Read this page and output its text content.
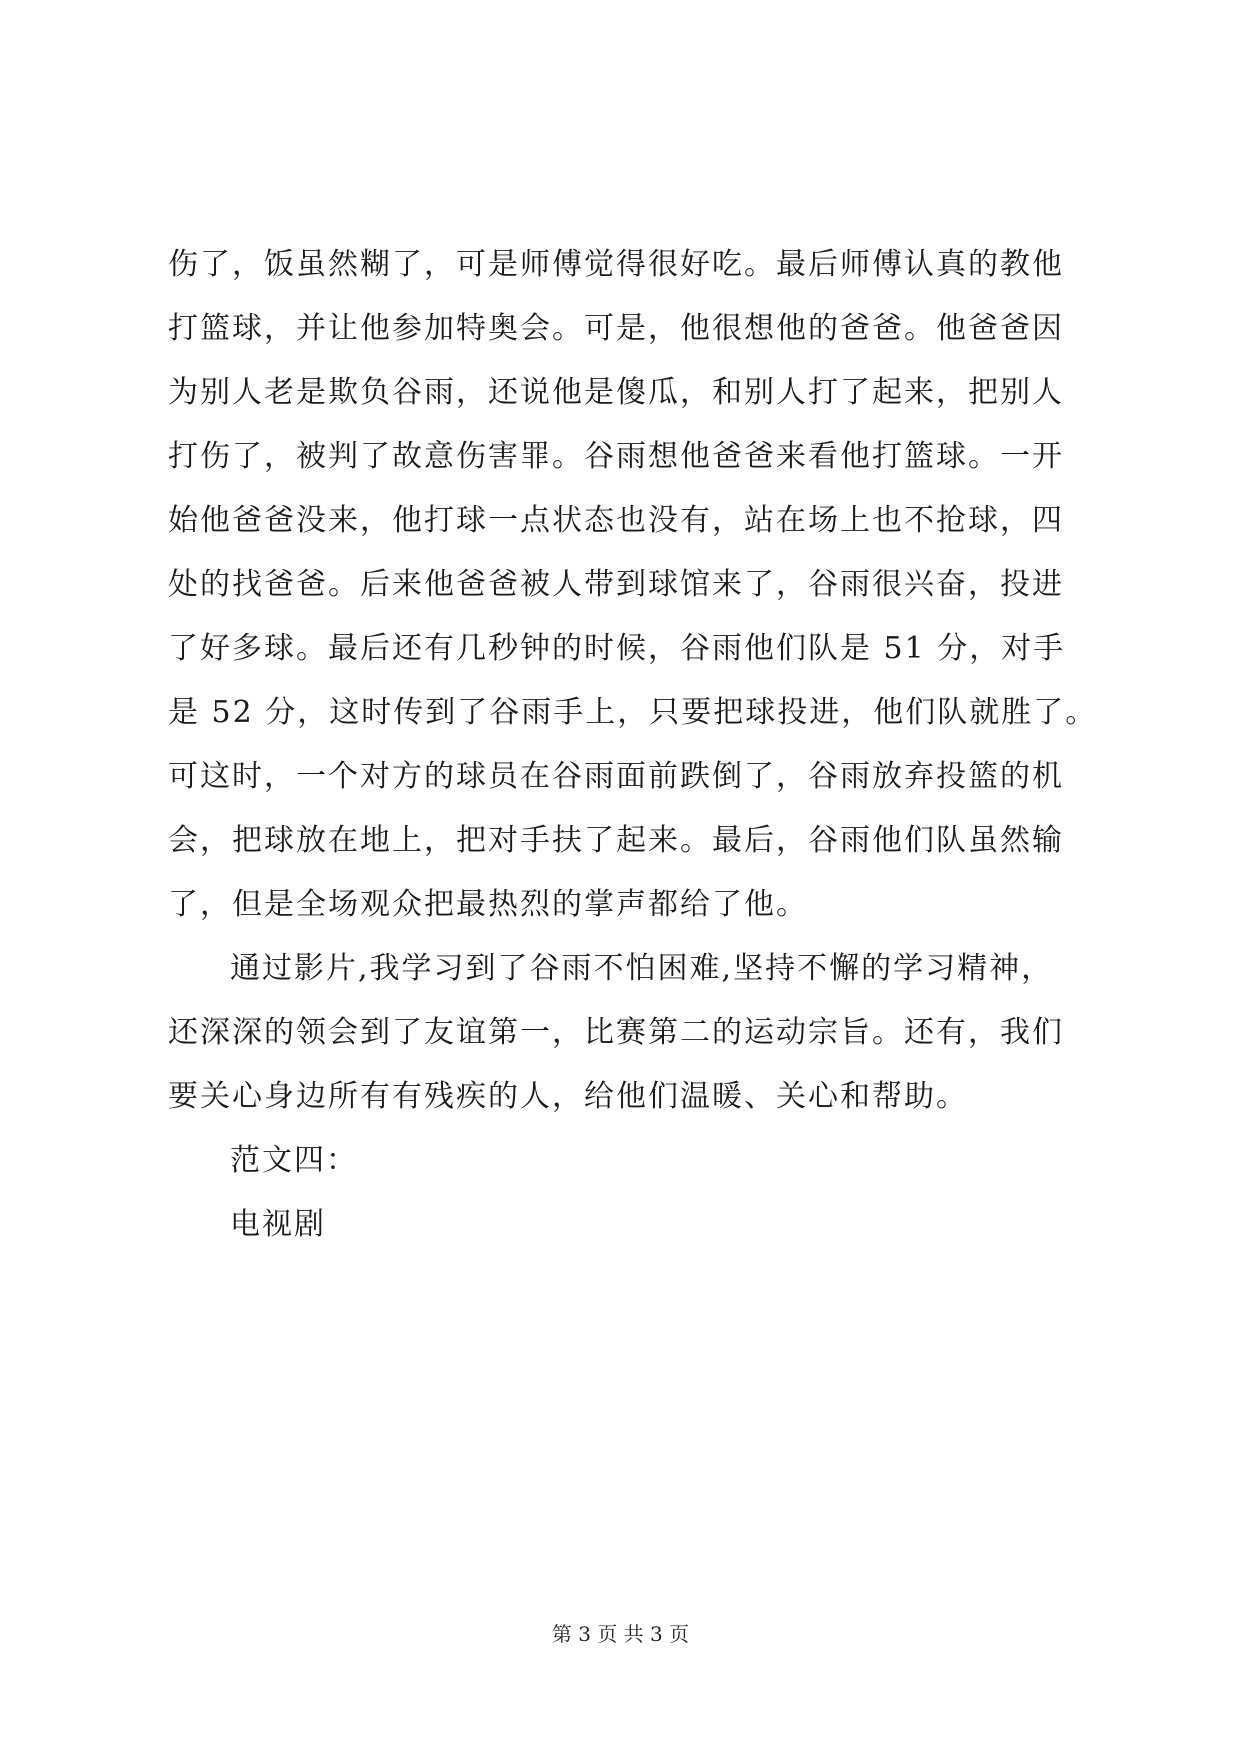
伤了，饭虽然糊了，可是师傅觉得很好吃。最后师傅认真的教他
打篮球，并让他参加特奥会。可是，他很想他的爸爸。他爸爸因
为别人老是欺负谷雨，还说他是傻瓜，和别人打了起来，把别人
打伤了，被判了故意伤害罪。谷雨想他爸爸来看他打篮球。一开
始他爸爸没来，他打球一点状态也没有，站在场上也不抢球，四
处的找爸爸。后来他爸爸被人带到球馆来了，谷雨很兴奋，投进
了好多球。最后还有几秒钟的时候，谷雨他们队是 51 分，对手
是 52 分，这时传到了谷雨手上，只要把球投进，他们队就胜了。
可这时，一个对方的球员在谷雨面前跌倒了，谷雨放弃投篮的机
会，把球放在地上，把对手扶了起来。最后，谷雨他们队虽然输
了，但是全场观众把最热烈的掌声都给了他。
通过影片,我学习到了谷雨不怕困难,坚持不懈的学习精神，
还深深的领会到了友谊第一，比赛第二的运动宗旨。还有，我们
要关心身边所有有残疾的人，给他们温暖、关心和帮助。
范文四：
电视剧
第 3 页 共 3 页
